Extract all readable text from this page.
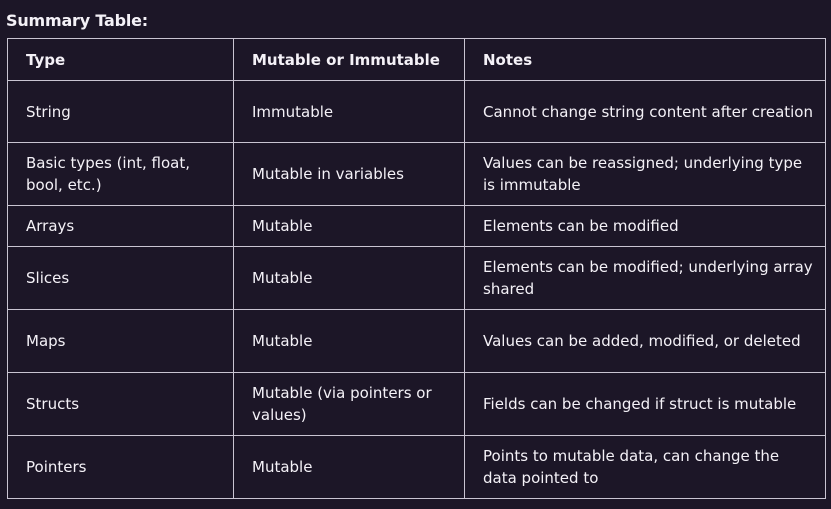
Summary Table:
Type	Mutable or Immutable	Notes
String	Immutable	Cannot change string content after creation
Basic types (int, float, bool, etc.)	Mutable in variables	Values can be reassigned; underlying type is immutable
Arrays	Mutable	Elements can be modified
Slices	Mutable	Elements can be modified; underlying array shared
Maps	Mutable	Values can be added, modified, or deleted
Structs	Mutable (via pointers or values)	Fields can be changed if struct is mutable
Pointers	Mutable	Points to mutable data, can change the data pointed to
